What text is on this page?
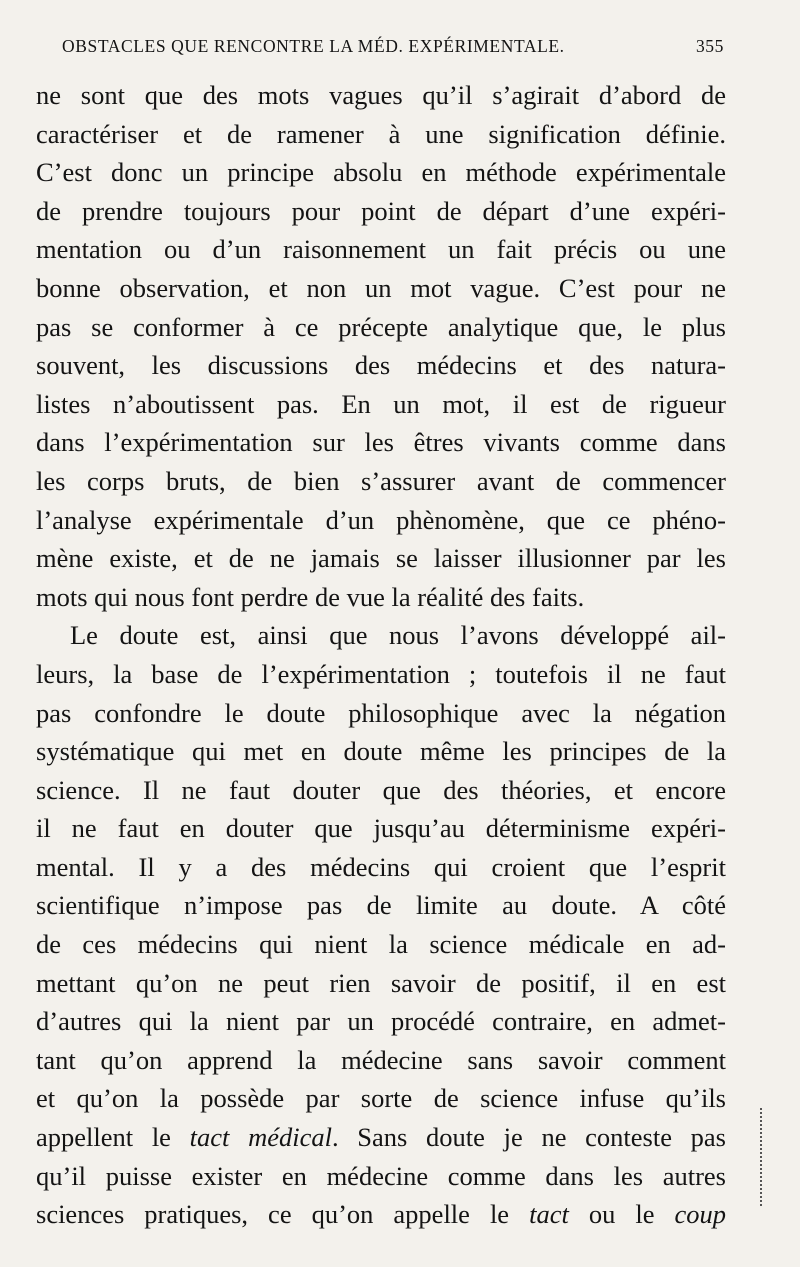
OBSTACLES QUE RENCONTRE LA MÉD. EXPÉRIMENTALE.	355
ne sont que des mots vagues qu’il s’agirait d’abord de
caractériser et de ramener à une signification définie.
C’est donc un principe absolu en méthode expérimentale
de prendre toujours pour point de départ d’une expéri-
mentation ou d’un raisonnement un fait précis ou une
bonne observation, et non un mot vague. C’est pour ne
pas se conformer à ce précepte analytique que, le plus
souvent, les discussions des médecins et des natura-
listes n’aboutissent pas. En un mot, il est de rigueur
dans l’expérimentation sur les êtres vivants comme dans
les corps bruts, de bien s’assurer avant de commencer
l’analyse expérimentale d’un phènomène, que ce phéno-
mène existe, et de ne jamais se laisser illusionner par les
mots qui nous font perdre de vue la réalité des faits.
Le doute est, ainsi que nous l’avons développé ail-
leurs, la base de l’expérimentation ; toutefois il ne faut
pas confondre le doute philosophique avec la négation
systématique qui met en doute même les principes de la
science. Il ne faut douter que des théories, et encore
il ne faut en douter que jusqu’au déterminisme expéri-
mental. Il y a des médecins qui croient que l’esprit
scientifique n’impose pas de limite au doute. A côté
de ces médecins qui nient la science médicale en ad-
mettant qu’on ne peut rien savoir de positif, il en est
d’autres qui la nient par un procédé contraire, en admet-
tant qu’on apprend la médecine sans savoir comment
et qu’on la possède par sorte de science infuse qu’ils
appellent le tact médical. Sans doute je ne conteste pas
qu’il puisse exister en médecine comme dans les autres
sciences pratiques, ce qu’on appelle le tact ou le coup
